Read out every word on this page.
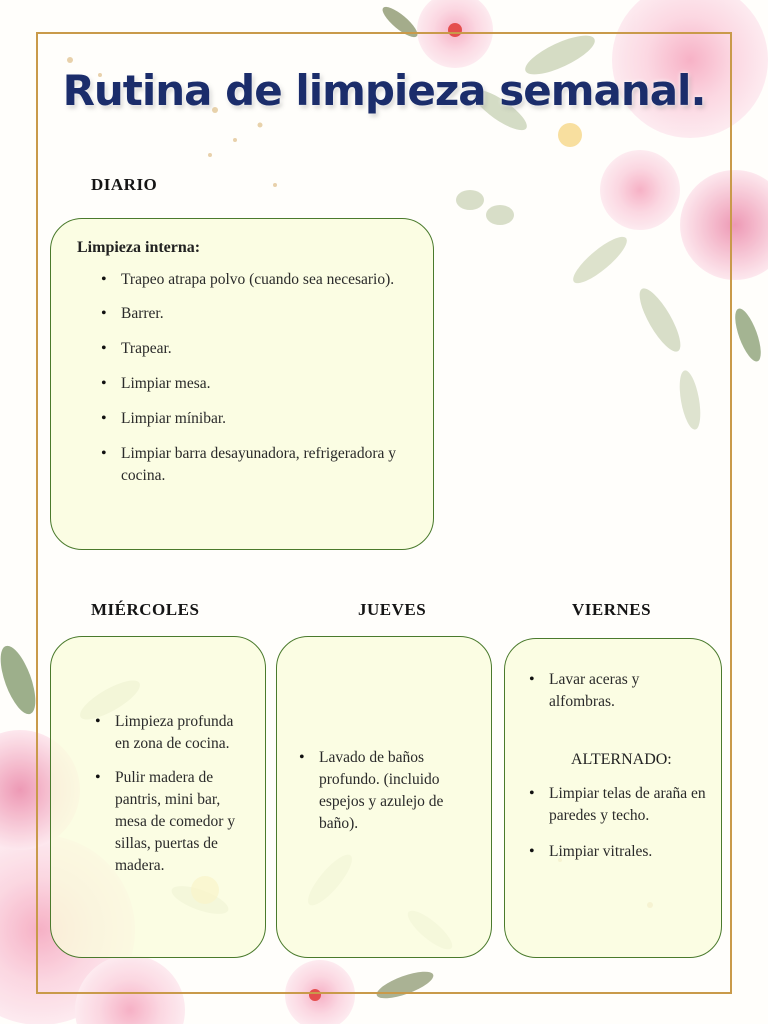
Rutina de limpieza semanal.
DIARIO
Limpieza interna:
• Trapeo atrapa polvo (cuando sea necesario).
• Barrer.
• Trapear.
• Limpiar mesa.
• Limpiar mínibar.
• Limpiar barra desayunadora, refrigeradora y cocina.
MIÉRCOLES
• Limpieza profunda en zona de cocina.
• Pulir madera de pantris, mini bar, mesa de comedor y sillas, puertas de madera.
JUEVES
• Lavado de baños profundo. (incluido espejos y azulejo de baño).
VIERNES
• Lavar aceras y alfombras.
ALTERNADO:
• Limpiar telas de araña en paredes y techo.
• Limpiar vitrales.
